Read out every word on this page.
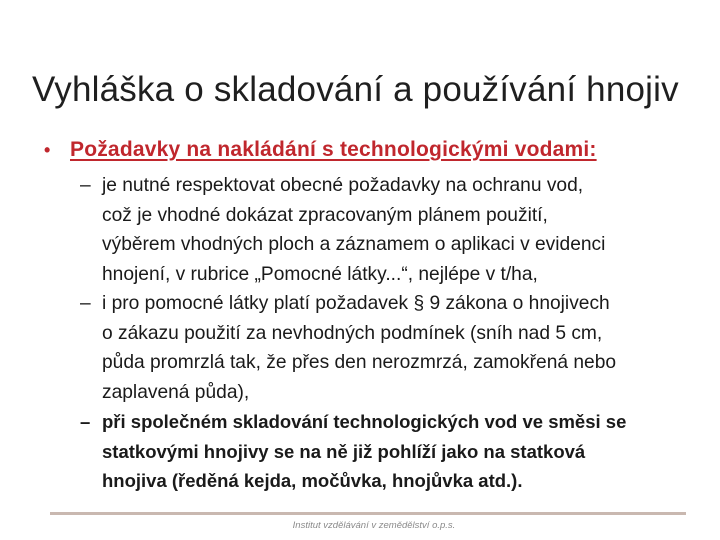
Vyhláška o skladování a používání hnojiv
• Požadavky na nakládání s technologickými vodami:

– je nutné respektovat obecné požadavky na ochranu vod,
což je vhodné dokázat zpracovaným plánem použití,
výběrem vhodných ploch a záznamem o aplikaci v evidenci
hnojení, v rubrice „Pomocné látky...“, nejlépe v t/ha,

– i pro pomocné látky platí požadavek § 9 zákona o hnojivech
o zákazu použití za nevhodných podmínek (sníh nad 5 cm,
půda promrzlá tak, že přes den nerozmrzá, zamokřená nebo
zaplavená půda),

– při společném skladování technologických vod ve směsi se
statkovými hnojivy se na ně již pohlíží jako na statková
hnojiva (ředěná kejda, močůvka, hnojůvka atd.).

Institut vzdělávání v zemědělství o.p.s.
